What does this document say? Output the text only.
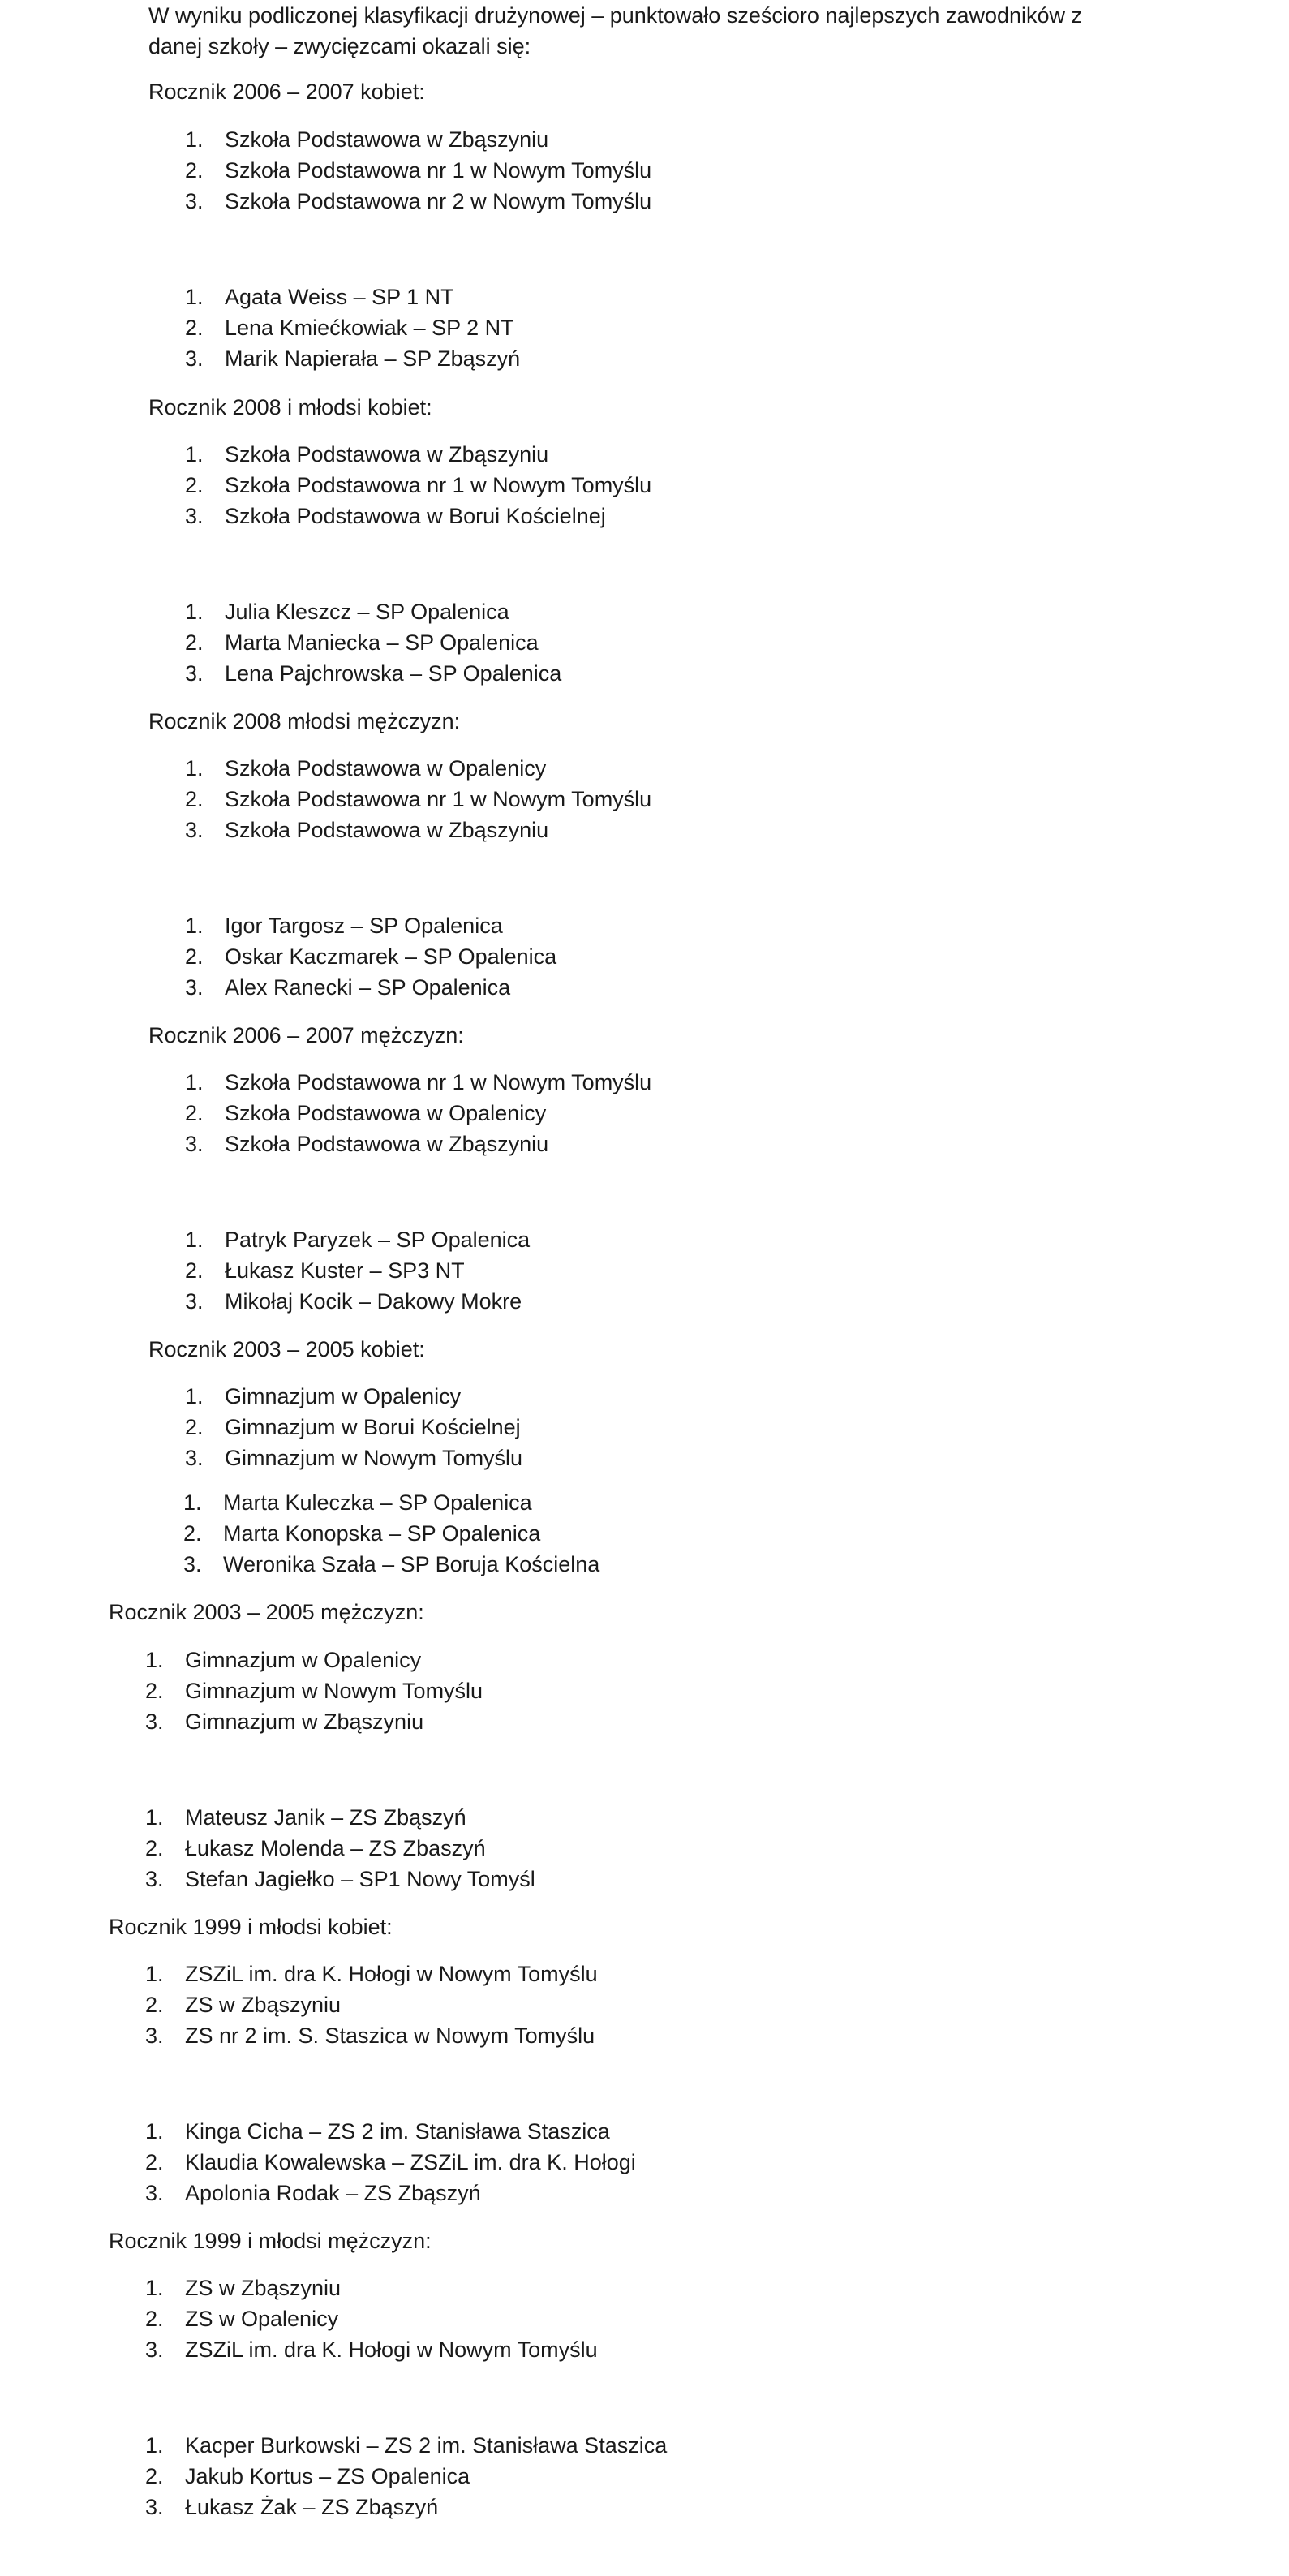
W wyniku podliczonej klasyfikacji drużynowej – punktowało sześcioro najlepszych zawodników z
danej szkoły – zwycięzcami okazali się:

Rocznik 2006 – 2007 kobiet:

1. Szkoła Podstawowa w Zbąszyniu
2. Szkoła Podstawowa nr 1 w Nowym Tomyślu
3. Szkoła Podstawowa nr 2 w Nowym Tomyślu
1. Agata Weiss – SP 1 NT
2. Lena Kmiećkowiak – SP 2 NT
3. Marik Napierała – SP Zbąszyń

Rocznik 2008 i młodsi kobiet:

1. Szkoła Podstawowa w Zbąszyniu
2. Szkoła Podstawowa nr 1 w Nowym Tomyślu
3. Szkoła Podstawowa w Borui Kościelnej
1. Julia Kleszcz – SP Opalenica
2. Marta Maniecka – SP Opalenica
3. Lena Pajchrowska – SP Opalenica

Rocznik 2008 młodsi mężczyzn:

1. Szkoła Podstawowa w Opalenicy
2. Szkoła Podstawowa nr 1 w Nowym Tomyślu
3. Szkoła Podstawowa w Zbąszyniu
1. Igor Targosz – SP Opalenica
2. Oskar Kaczmarek – SP Opalenica
3. Alex Ranecki – SP Opalenica

Rocznik 2006 – 2007 mężczyzn:

1. Szkoła Podstawowa nr 1 w Nowym Tomyślu
2. Szkoła Podstawowa w Opalenicy
3. Szkoła Podstawowa w Zbąszyniu
1. Patryk Paryzek – SP Opalenica
2. Łukasz Kuster – SP3 NT
3. Mikołaj Kocik – Dakowy Mokre

Rocznik 2003 – 2005 kobiet:

1. Gimnazjum w Opalenicy
2. Gimnazjum w Borui Kościelnej
3. Gimnazjum w Nowym Tomyślu
1. Marta Kuleczka – SP Opalenica
2. Marta Konopska – SP Opalenica
3. Weronika Szała – SP Boruja Kościelna

Rocznik 2003 – 2005 mężczyzn:

1. Gimnazjum w Opalenicy
2. Gimnazjum w Nowym Tomyślu
3. Gimnazjum w Zbąszyniu
1. Mateusz Janik – ZS Zbąszyń
2. Łukasz Molenda – ZS Zbaszyń
3. Stefan Jagiełko – SP1 Nowy Tomyśl

Rocznik 1999 i młodsi kobiet:

1. ZSZiL im. dra K. Hołogi w Nowym Tomyślu
2. ZS w Zbąszyniu
3. ZS nr 2 im. S. Staszica w Nowym Tomyślu
1. Kinga Cicha – ZS 2 im. Stanisława Staszica
2. Klaudia Kowalewska – ZSZiL im. dra K. Hołogi
3. Apolonia Rodak – ZS Zbąszyń

Rocznik 1999 i młodsi mężczyzn:

1. ZS w Zbąszyniu
2. ZS w Opalenicy
3. ZSZiL im. dra K. Hołogi w Nowym Tomyślu
1. Kacper Burkowski – ZS 2 im. Stanisława Staszica
2. Jakub Kortus – ZS Opalenica
3. Łukasz Żak – ZS Zbąszyń
